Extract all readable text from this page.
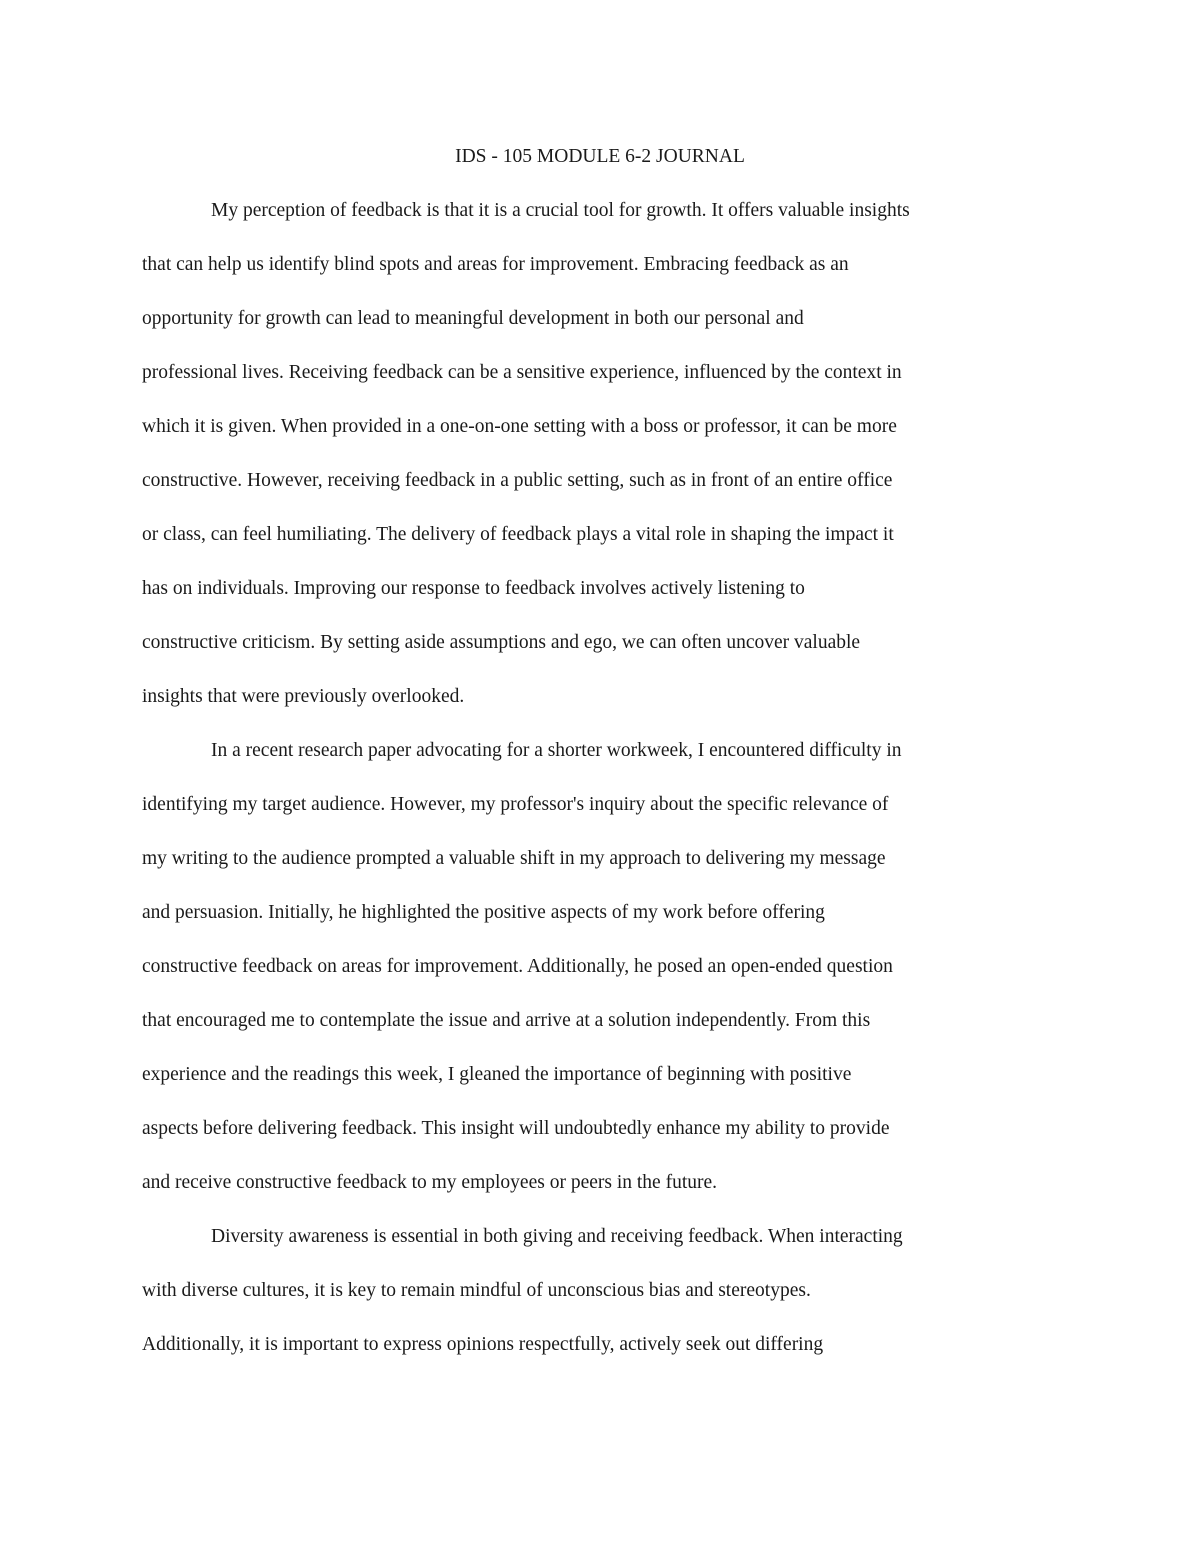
IDS - 105 MODULE 6-2 JOURNAL
My perception of feedback is that it is a crucial tool for growth. It offers valuable insights
that can help us identify blind spots and areas for improvement. Embracing feedback as an
opportunity for growth can lead to meaningful development in both our personal and
professional lives. Receiving feedback can be a sensitive experience, influenced by the context in
which it is given. When provided in a one-on-one setting with a boss or professor, it can be more
constructive. However, receiving feedback in a public setting, such as in front of an entire office
or class, can feel humiliating. The delivery of feedback plays a vital role in shaping the impact it
has on individuals. Improving our response to feedback involves actively listening to
constructive criticism. By setting aside assumptions and ego, we can often uncover valuable
insights that were previously overlooked.
In a recent research paper advocating for a shorter workweek, I encountered difficulty in
identifying my target audience. However, my professor's inquiry about the specific relevance of
my writing to the audience prompted a valuable shift in my approach to delivering my message
and persuasion. Initially, he highlighted the positive aspects of my work before offering
constructive feedback on areas for improvement. Additionally, he posed an open-ended question
that encouraged me to contemplate the issue and arrive at a solution independently. From this
experience and the readings this week, I gleaned the importance of beginning with positive
aspects before delivering feedback. This insight will undoubtedly enhance my ability to provide
and receive constructive feedback to my employees or peers in the future.
Diversity awareness is essential in both giving and receiving feedback. When interacting
with diverse cultures, it is key to remain mindful of unconscious bias and stereotypes.
Additionally, it is important to express opinions respectfully, actively seek out differing
